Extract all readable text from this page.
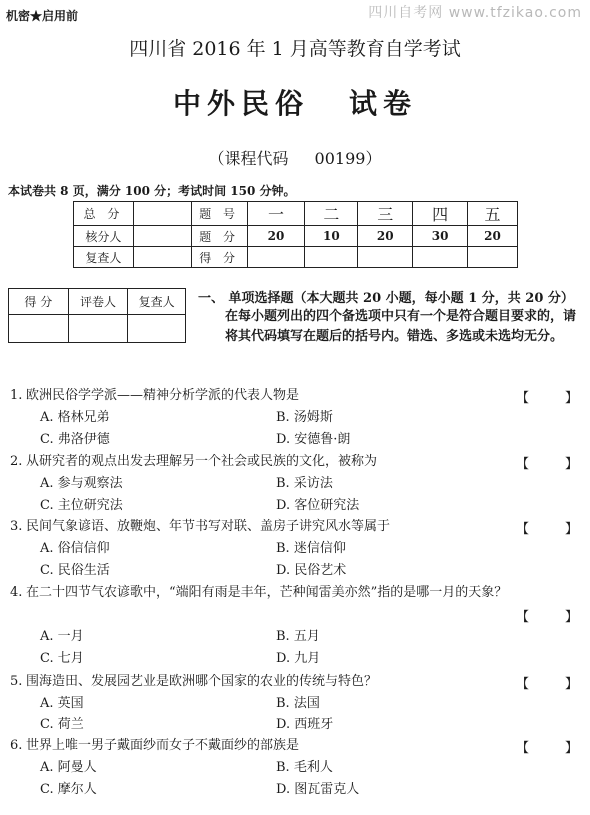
机密★启用前	四川自考网 www.tfzikao.com
四川省 2016 年 1 月高等教育自学考试
中外民俗 试卷
（课程代码 00199）
本试卷共 8 页，满分 100 分；考试时间 150 分钟。
总 分		题 号	一	二	三	四	五
核分人		题 分	20	10	20	30	20
复查人		得 分					
得 分	评卷人	复查人
		一、 单项选择题（本大题共 20 小题，每小题 1 分，共 20 分）
在每小题列出的四个备选项中只有一个是符合题目要求的，请将其代码填写在题后的括号内。错选、多选或未选均无分。
1. 欧洲民俗学学派——精神分析学派的代表人物是	【	】
A. 格林兄弟	B. 汤姆斯
C. 弗洛伊德	D. 安德鲁·朗
2. 从研究者的观点出发去理解另一个社会或民族的文化，被称为	【	】
A. 参与观察法	B. 采访法
C. 主位研究法	D. 客位研究法
3. 民间气象谚语、放鞭炮、年节书写对联、盖房子讲究风水等属于	【	】
A. 俗信信仰	B. 迷信信仰
C. 民俗生活	D. 民俗艺术
4. 在二十四节气农谚歌中，“端阳有雨是丰年，芒种闻雷美亦然”指的是哪一月的天象？
【	】
A. 一月	B. 五月
C. 七月	D. 九月
5. 围海造田、发展园艺业是欧洲哪个国家的农业的传统与特色？	【	】
A. 英国	B. 法国
C. 荷兰	D. 西班牙
6. 世界上唯一男子戴面纱而女子不戴面纱的部族是	【	】
A. 阿曼人	B. 毛利人
C. 摩尔人	D. 图瓦雷克人
